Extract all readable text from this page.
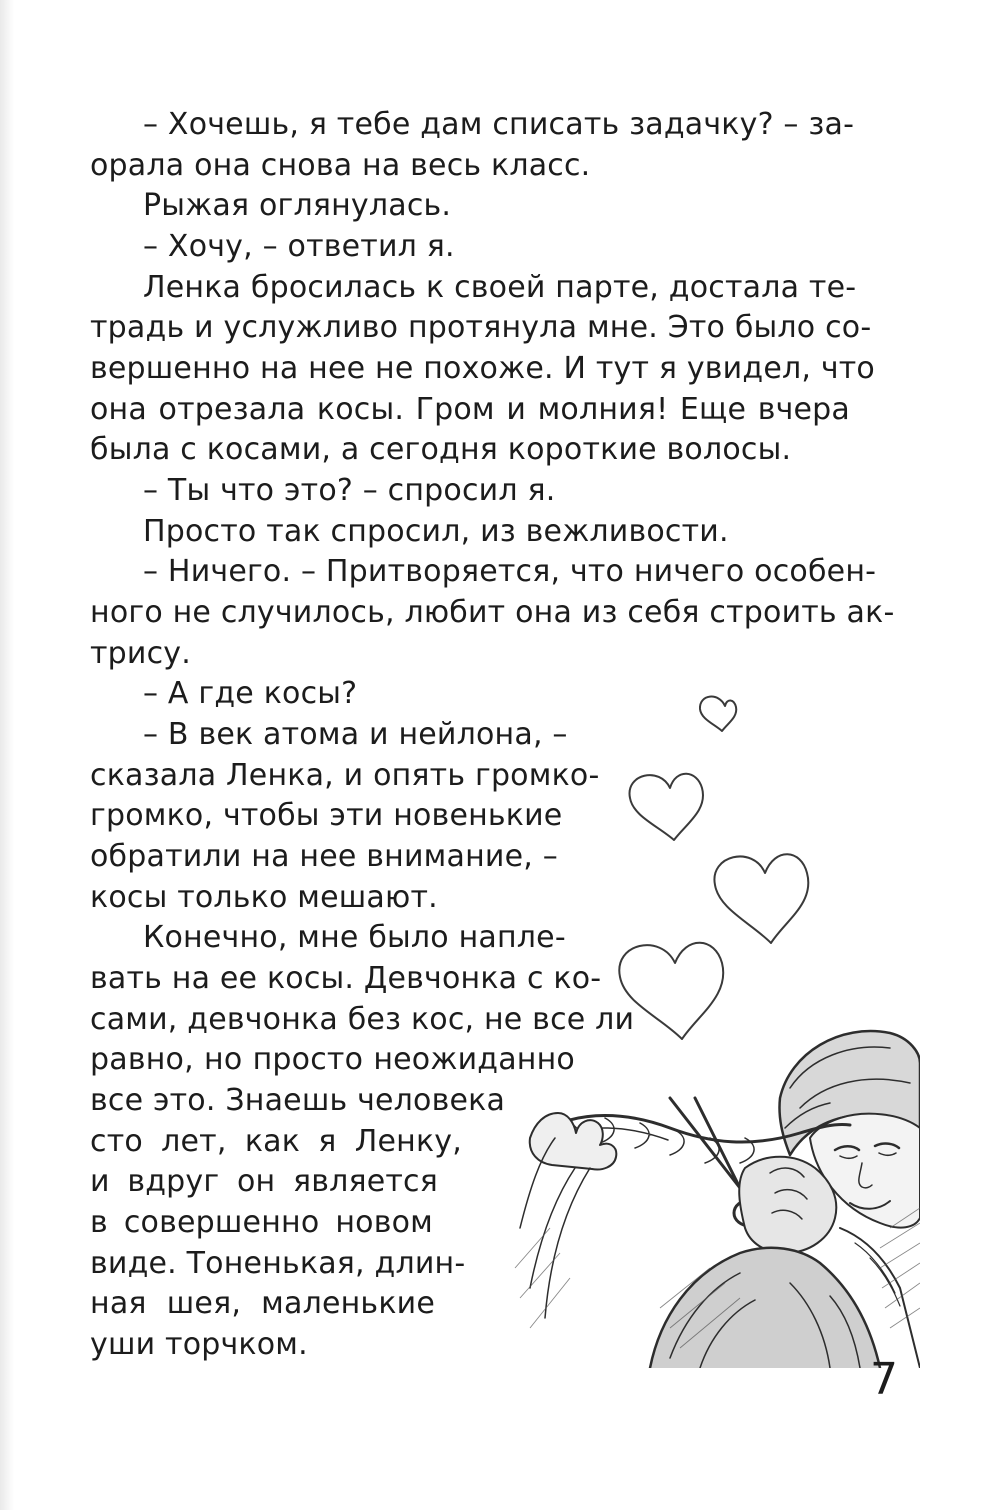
– Хочешь, я тебе дам списать задачку? – за-
орала она снова на весь класс.
Рыжая оглянулась.
– Хочу, – ответил я.
Ленка бросилась к своей парте, достала те-
традь и услужливо протянула мне. Это было со-
вершенно на нее не похоже. И тут я увидел, что
она отрезала косы. Гром и молния! Еще вчера
была с косами, а сегодня короткие волосы.
– Ты что это? – спросил я.
Просто так спросил, из вежливости.
– Ничего. – Притворяется, что ничего особен-
ного не случилось, любит она из себя строить ак-
трису.
– А где косы?
– В век атома и нейлона, –
сказала Ленка, и опять громко-
громко, чтобы эти новенькие
обратили на нее внимание, –
косы только мешают.
Конечно, мне было напле-
вать на ее косы. Девчонка с ко-
сами, девчонка без кос, не все ли
равно, но просто неожиданно
все это. Знаешь человека
сто лет, как я Ленку,
и вдруг он является
в совершенно новом
виде. Тоненькая, длин-
ная шея, маленькие
уши торчком.
7
